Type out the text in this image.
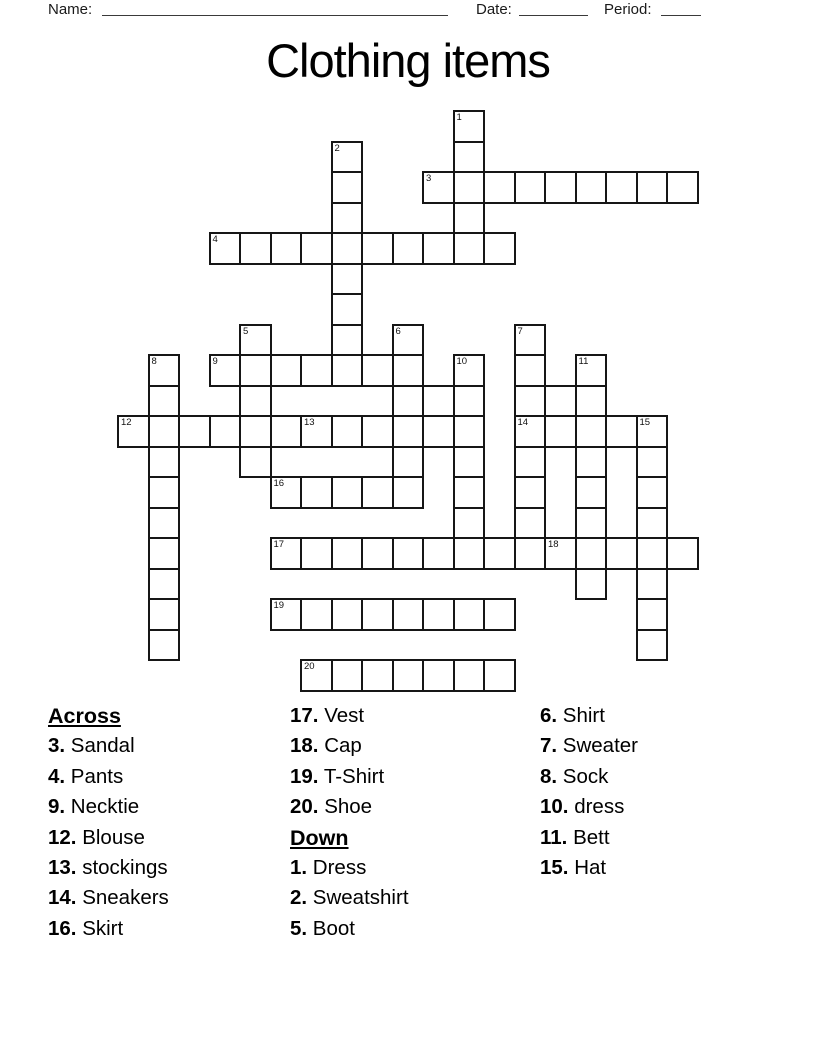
Name:	Date:	Period:
Clothing items
1
2
3
4
5	6	7
8	9	10	11
12	13	14	15
16
17	18
19
20
Across
3. Sandal
4. Pants
9. Necktie
12. Blouse
13. stockings
14. Sneakers
16. Skirt
17. Vest
18. Cap
19. T-Shirt
20. Shoe
Down
1. Dress
2. Sweatshirt
5. Boot
6. Shirt
7. Sweater
8. Sock
10. dress
11. Bett
15. Hat
